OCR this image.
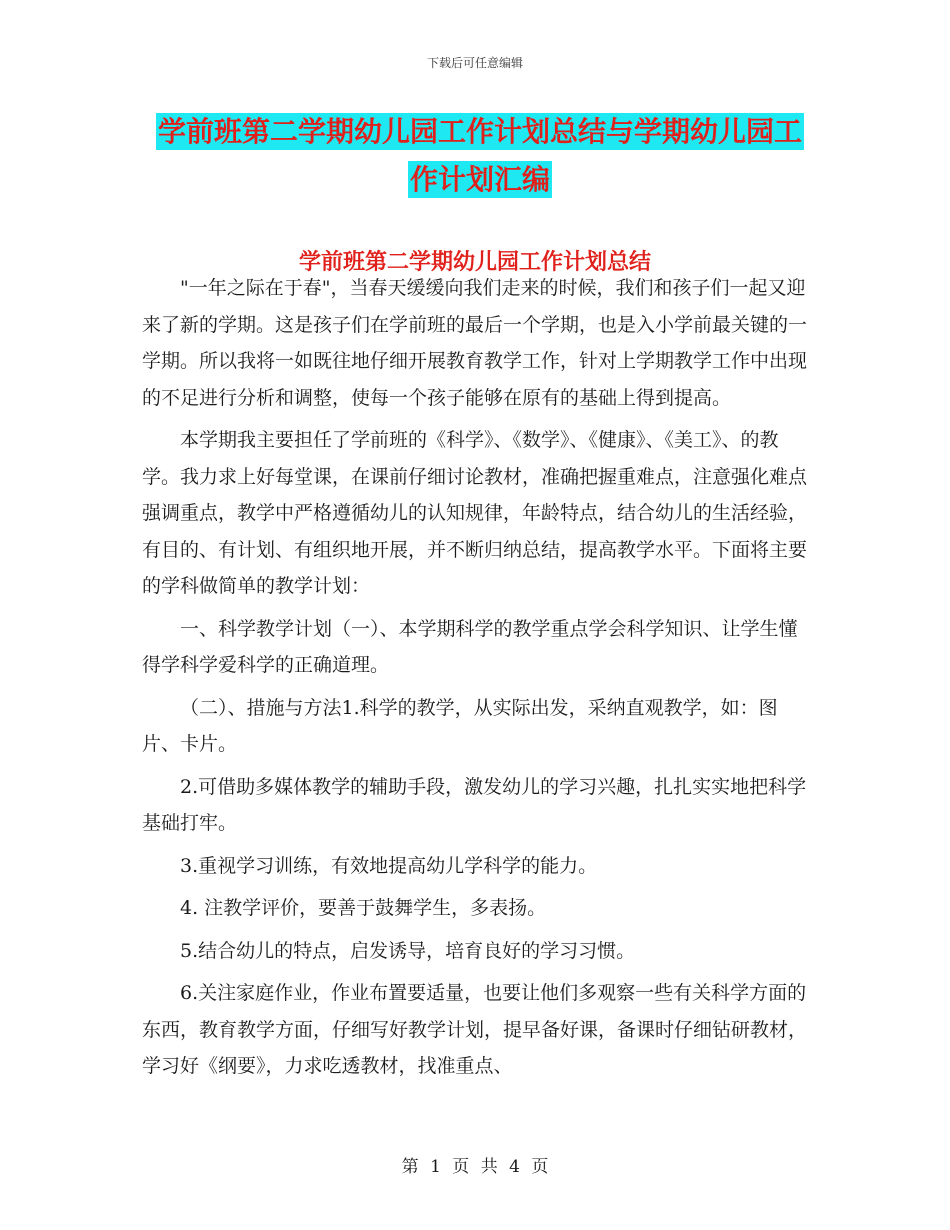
下载后可任意编辑
学前班第二学期幼儿园工作计划总结与学期幼儿园工
作计划汇编
学前班第二学期幼儿园工作计划总结

"一年之际在于春"，当春天缓缓向我们走来的时候，我们和孩子们一起又迎来了新的学期。这是孩子们在学前班的最后一个学期，也是入小学前最关键的一学期。所以我将一如既往地仔细开展教育教学工作，针对上学期教学工作中出现的不足进行分析和调整，使每一个孩子能够在原有的基础上得到提高。

本学期我主要担任了学前班的《科学》、《数学》、《健康》、《美工》、的教学。我力求上好每堂课，在课前仔细讨论教材，准确把握重难点，注意强化难点强调重点，教学中严格遵循幼儿的认知规律，年龄特点，结合幼儿的生活经验，有目的、有计划、有组织地开展，并不断归纳总结，提高教学水平。下面将主要的学科做简单的教学计划：

一、科学教学计划（一）、本学期科学的教学重点学会科学知识、让学生懂得学科学爱科学的正确道理。

（二）、措施与方法1.科学的教学，从实际出发，采纳直观教学，如：图片、卡片。

2.可借助多媒体教学的辅助手段，激发幼儿的学习兴趣，扎扎实实地把科学基础打牢。

3.重视学习训练，有效地提高幼儿学科学的能力。

4. 注教学评价，要善于鼓舞学生，多表扬。

5.结合幼儿的特点，启发诱导，培育良好的学习习惯。

6.关注家庭作业，作业布置要适量，也要让他们多观察一些有关科学方面的东西，教育教学方面，仔细写好教学计划，提早备好课，备课时仔细钻研教材，学习好《纲要》，力求吃透教材，找准重点、

第 1 页 共 4 页
